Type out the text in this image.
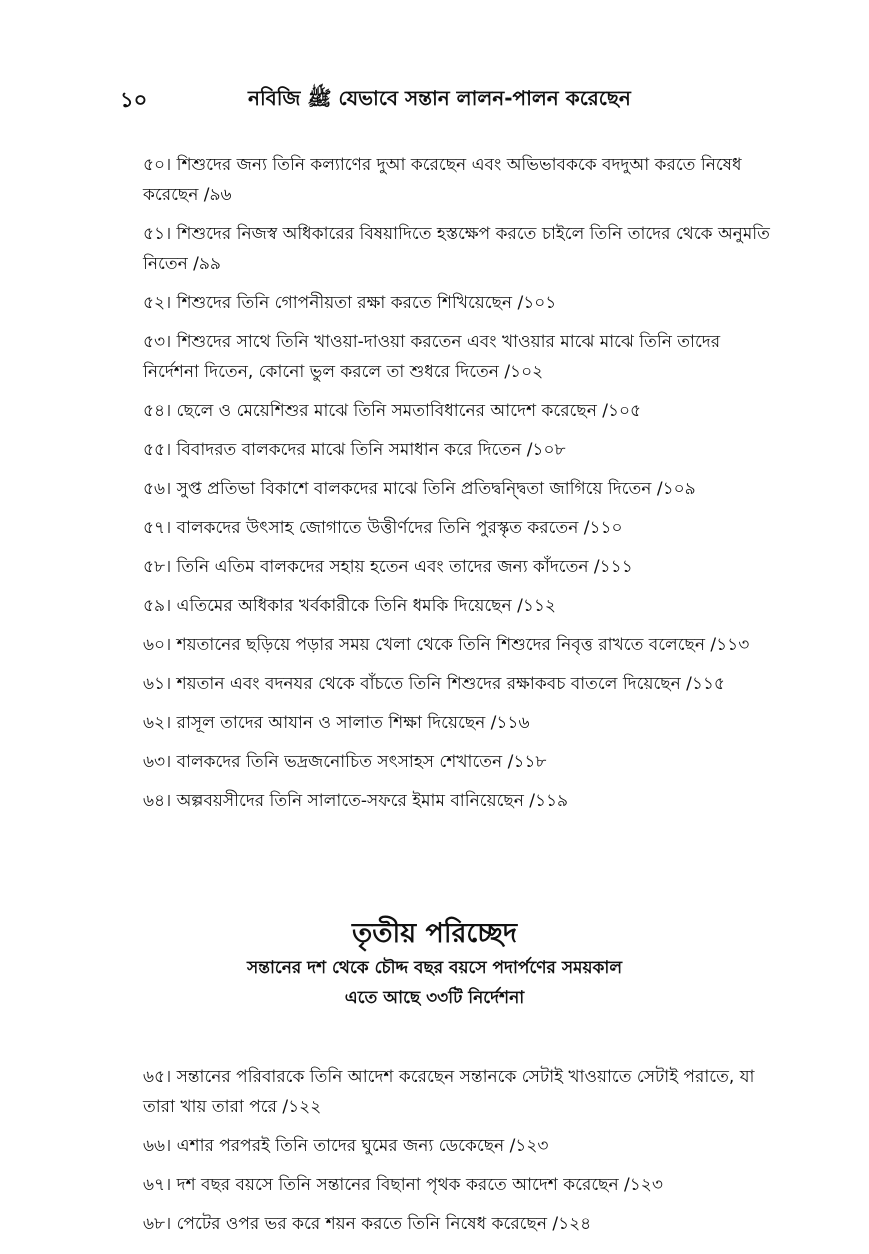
১০	নবিজি ﷺ যেভাবে সন্তান লালন-পালন করেছেন
৫০ । শিশুদের জন্য তিনি কল্যাণের দুআ করেছেন এবং অভিভাবককে বদদুআ করতে নিষেধ করেছেন /৯৬
৫১ । শিশুদের নিজস্ব অধিকারের বিষয়াদিতে হস্তক্ষেপ করতে চাইলে তিনি তাদের থেকে অনুমতি নিতেন /৯৯
৫২ । শিশুদের তিনি গোপনীয়তা রক্ষা করতে শিখিয়েছেন /১০১
৫৩ । শিশুদের সাথে তিনি খাওয়া-দাওয়া করতেন এবং খাওয়ার মাঝে মাঝে তিনি তাদের নির্দেশনা দিতেন, কোনো ভুল করলে তা শুধরে দিতেন /১০২
৫৪ । ছেলে ও মেয়েশিশুর মাঝে তিনি সমতাবিধানের আদেশ করেছেন /১০৫
৫৫ । বিবাদরত বালকদের মাঝে তিনি সমাধান করে দিতেন /১০৮
৫৬ । সুপ্ত প্রতিভা বিকাশে বালকদের মাঝে তিনি প্রতিদ্বন্দ্বিতা জাগিয়ে দিতেন /১০৯
৫৭ । বালকদের উৎসাহ জোগাতে উত্তীর্ণদের তিনি পুরস্কৃত করতেন /১১০
৫৮ । তিনি এতিম বালকদের সহায় হতেন এবং তাদের জন্য কাঁদতেন /১১১
৫৯ । এতিমের অধিকার খর্বকারীকে তিনি ধমকি দিয়েছেন /১১২
৬০ । শয়তানের ছড়িয়ে পড়ার সময় খেলা থেকে তিনি শিশুদের নিবৃত্ত রাখতে বলেছেন /১১৩
৬১ । শয়তান এবং বদনযর থেকে বাঁচতে তিনি শিশুদের রক্ষাকবচ বাতলে দিয়েছেন /১১৫
৬২ । রাসূল তাদের আযান ও সালাত শিক্ষা দিয়েছেন /১১৬
৬৩ । বালকদের তিনি ভদ্রজনোচিত সৎসাহস শেখাতেন /১১৮
৬৪ । অল্পবয়সীদের তিনি সালাতে-সফরে ইমাম বানিয়েছেন /১১৯

তৃতীয় পরিচ্ছেদ

সন্তানের দশ থেকে চৌদ্দ বছর বয়সে পদার্পণের সময়কাল

এতে আছে ৩৩টি নির্দেশনা

৬৫ । সন্তানের পরিবারকে তিনি আদেশ করেছেন সন্তানকে সেটাই খাওয়াতে সেটাই পরাতে, যা তারা খায় তারা পরে /১২২
৬৬ । এশার পরপরই তিনি তাদের ঘুমের জন্য ডেকেছেন /১২৩
৬৭ । দশ বছর বয়সে তিনি সন্তানের বিছানা পৃথক করতে আদেশ করেছেন /১২৩
৬৮ । পেটের ওপর ভর করে শয়ন করতে তিনি নিষেধ করেছেন /১২৪
